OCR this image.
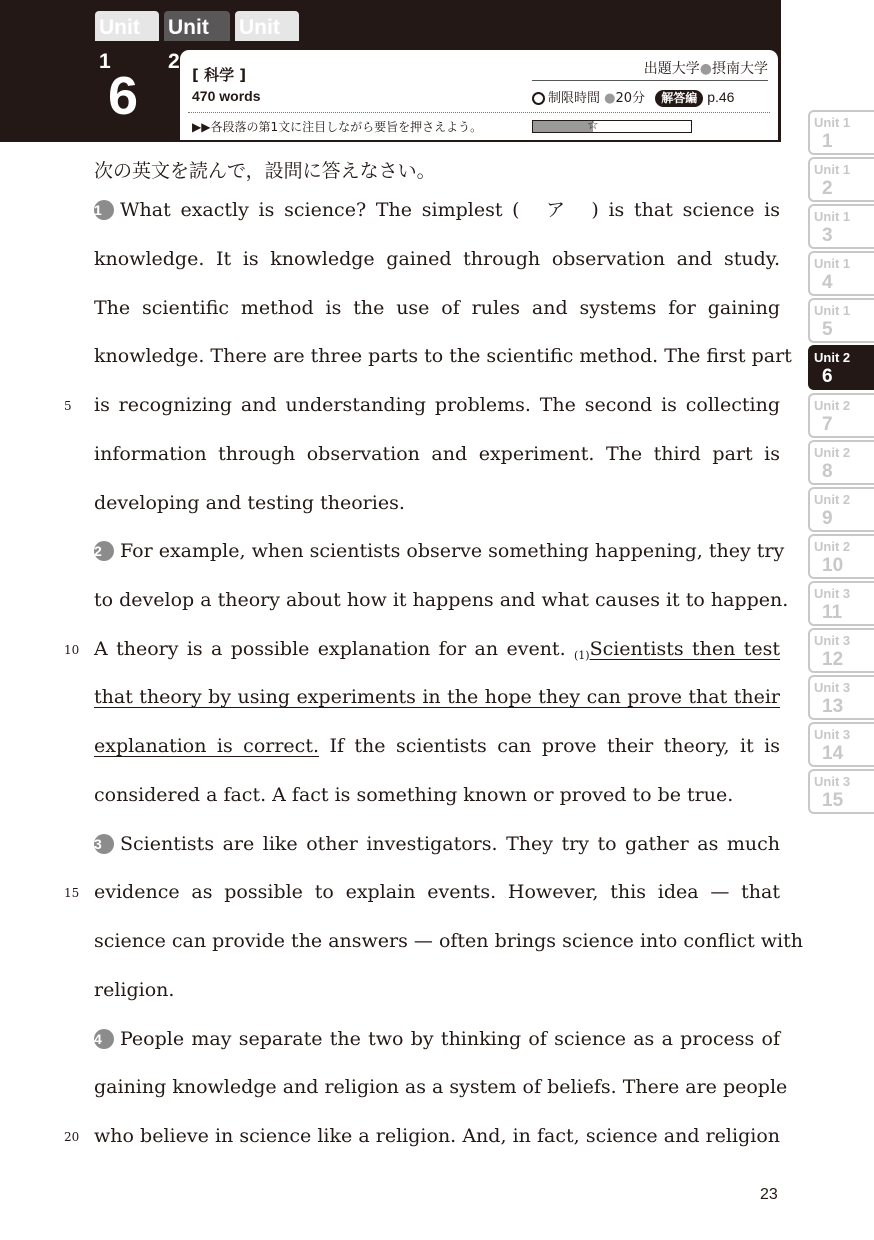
Unit 1
Unit 2
Unit
6	[ 科学 ]
470 words
出題大学●摂南大学
制限時間 ●20分 解答編 p.46
▶▶各段落の第1文に注目しながら要旨を押さえよう。	☆	Unit 1
1
Unit 1
2
Unit 1
3
Unit 1
4
Unit 1
5
Unit 2
6
Unit 2
7
Unit 2
8
Unit 2
9
Unit 2
10
Unit 3
11
Unit 3
12
Unit 3
13
Unit 3
14
Unit 3
15
次の英文を読んで，設問に答えなさい。
1 What exactly is science? The simplest (　ア　) is that science is
knowledge. It is knowledge gained through observation and study.
The scientific method is the use of rules and systems for gaining
knowledge. There are three parts to the scientific method. The first part
5 is recognizing and understanding problems. The second is collecting
information through observation and experiment. The third part is
developing and testing theories.
2 For example, when scientists observe something happening, they try
to develop a theory about how it happens and what causes it to happen.
10 A theory is a possible explanation for an event. $_{(1)}$Scientists then test
that theory by using experiments in the hope they can prove that their
explanation is correct. If the scientists can prove their theory, it is
considered a fact. A fact is something known or proved to be true.
3 Scientists are like other investigators. They try to gather as much
15 evidence as possible to explain events. However, this idea — that
science can provide the answers — often brings science into conflict with
religion.
4 People may separate the two by thinking of science as a process of
gaining knowledge and religion as a system of beliefs. There are people
20 who believe in science like a religion. And, in fact, science and religion
23
